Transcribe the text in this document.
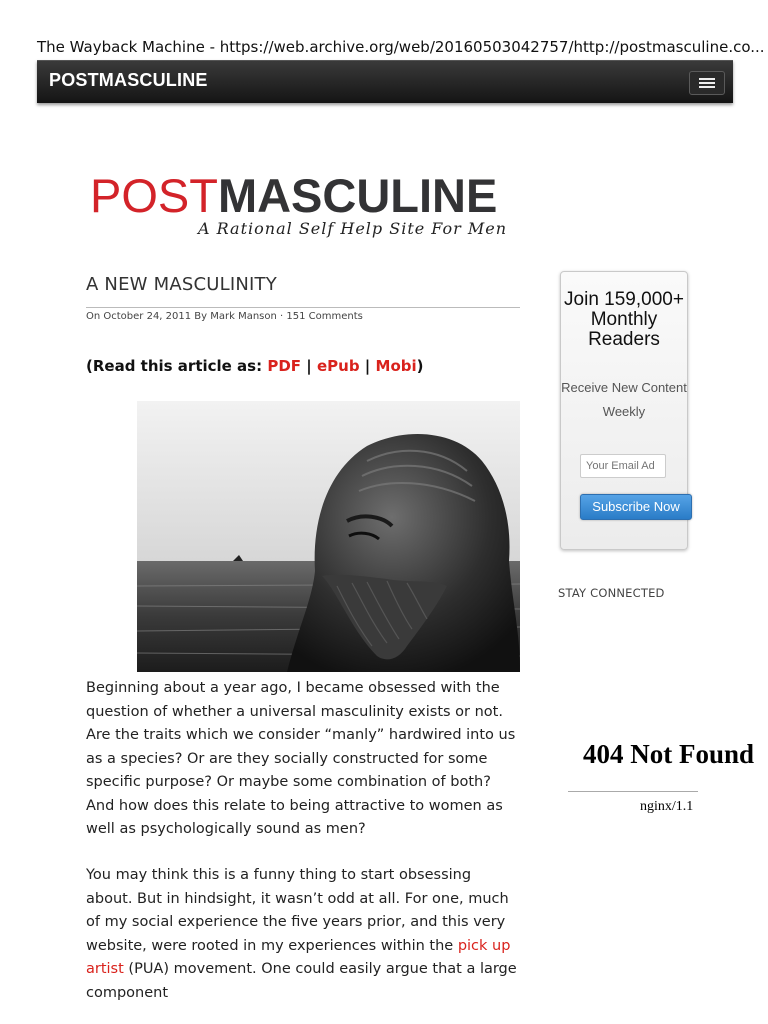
The Wayback Machine - https://web.archive.org/web/20160503042757/http://postmasculine.co...
POSTMASCULINE
POSTMASCULINE
A Rational Self Help Site For Men
A NEW MASCULINITY
On October 24, 2011 By Mark Manson · 151 Comments
(Read this article as: PDF | ePub | Mobi)
Beginning about a year ago, I became obsessed with the question of whether a universal masculinity exists or not. Are the traits which we consider “manly” hardwired into us as a species? Or are they socially constructed for some specific purpose? Or maybe some combination of both? And how does this relate to being attractive to women as well as psychologically sound as men?
You may think this is a funny thing to start obsessing about. But in hindsight, it wasn’t odd at all. For one, much of my social experience the five years prior, and this very website, were rooted in my experiences within the pick up artist (PUA) movement. One could easily argue that a large component
Join 159,000+ Monthly Readers
Receive New Content Weekly
Your Email Ad
Subscribe Now
STAY CONNECTED
404 Not Found
nginx/1.1
